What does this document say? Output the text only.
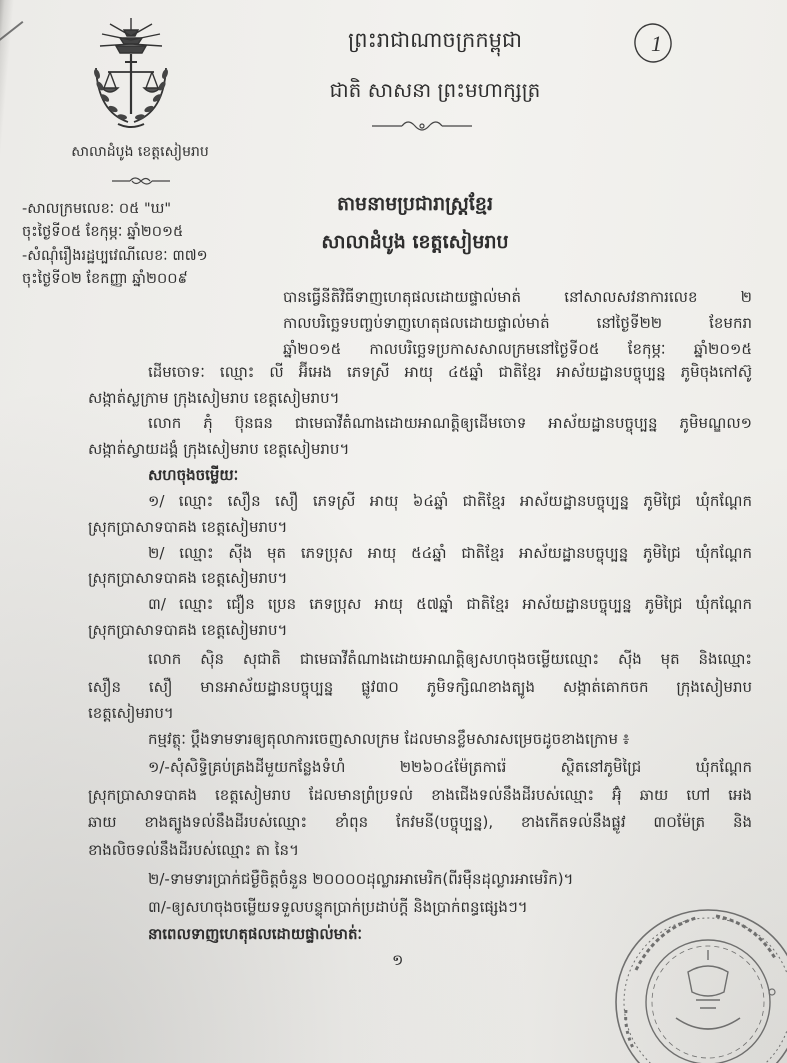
1
សាលាដំបូង ខេត្តសៀមរាប
-សាលក្រមលេខៈ ០៥ "ឃ"
ចុះថ្ងៃទី០៥ ខែកុម្ភៈ ឆ្នាំ២០១៥
-សំណុំរឿងរដ្ឋប្បវេណីលេខៈ ៣៧១
ចុះថ្ងៃទី០២ ខែកញ្ញា ឆ្នាំ២០០៩
ព្រះរាជាណាចក្រកម្ពុជា
ជាតិ សាសនា ព្រះមហាក្សត្រ
តាមនាមប្រជារាស្ត្រខ្មែរ
សាលាដំបូង ខេត្តសៀមរាប
បានធ្វើនីតិវិធីទាញហេតុផលដោយផ្ទាល់មាត់ នៅសាលសវនាការលេខ ២
កាលបរិច្ឆេទបញ្ចប់ទាញហេតុផលដោយផ្ទាល់មាត់ នៅថ្ងៃទី២២ ខែមករា
ឆ្នាំ២០១៥ កាលបរិច្ឆេទប្រកាសសាលក្រមនៅថ្ងៃទី០៥ ខែកុម្ភៈ ឆ្នាំ២០១៥
ដើមចោទៈ ឈ្មោះ លី អ៊ីអេង ភេទស្រី អាយុ ៤៥ឆ្នាំ ជាតិខ្មែរ អាស័យដ្ឋានបច្ចុប្បន្ន ភូមិចុងកៅស៊ូ
សង្កាត់ស្លក្រាម ក្រុងសៀមរាប ខេត្តសៀមរាប។
លោក ភុំ ប៊ុនធន ជាមេធាវីតំណាងដោយអាណត្តិឲ្យដើមចោទ អាស័យដ្ឋានបច្ចុប្បន្ន ភូមិមណ្ឌល១
សង្កាត់ស្វាយដង្គំ ក្រុងសៀមរាប ខេត្តសៀមរាប។
សហចុងចម្លើយៈ
១/ ឈ្មោះ សឿន សឿ ភេទស្រី អាយុ ៦៤ឆ្នាំ ជាតិខ្មែរ អាស័យដ្ឋានបច្ចុប្បន្ន ភូមិជ្រៃ ឃុំកណ្តែក
ស្រុកប្រាសាទបាគង ខេត្តសៀមរាប។
២/ ឈ្មោះ ស៊ីង មុត ភេទប្រុស អាយុ ៥៤ឆ្នាំ ជាតិខ្មែរ អាស័យដ្ឋានបច្ចុប្បន្ន ភូមិជ្រៃ ឃុំកណ្តែក
ស្រុកប្រាសាទបាគង ខេត្តសៀមរាប។
៣/ ឈ្មោះ ជឿន ប្រេន ភេទប្រុស អាយុ ៥៧ឆ្នាំ ជាតិខ្មែរ អាស័យដ្ឋានបច្ចុប្បន្ន ភូមិជ្រៃ ឃុំកណ្តែក
ស្រុកប្រាសាទបាគង ខេត្តសៀមរាប។
លោក ស៊ិន សុជាតិ ជាមេធាវីតំណាងដោយអាណត្តិឲ្យសហចុងចម្លើយឈ្មោះ ស៊ីង មុត និងឈ្មោះ
សឿន សឿ មានអាស័យដ្ឋានបច្ចុប្បន្ន ផ្លូវ៣០ ភូមិទក្សិណខាងត្បូង សង្កាត់គោកចក ក្រុងសៀមរាប
ខេត្តសៀមរាប។
កម្មវត្ថុៈ ប្តឹងទាមទារឲ្យតុលាការចេញសាលក្រម ដែលមានខ្លឹមសារសម្រេចដូចខាងក្រោម ៖
១/-សុំសិទ្ធិគ្រប់គ្រងដីមួយកន្លែងទំហំ ២២៦០៤ម៉ែត្រការ៉េ ស្ថិតនៅភូមិជ្រៃ ឃុំកណ្តែក
ស្រុកប្រាសាទបាគង ខេត្តសៀមរាប ដែលមានព្រំប្រទល់ ខាងជើងទល់នឹងដីរបស់ឈ្មោះ អ៊ុំ ឆាយ ហៅ អេង
ឆាយ ខាងត្បូងទល់នឹងដីរបស់ឈ្មោះ ខាំពុន កែវមនី(បច្ចុប្បន្ន), ខាងកើតទល់នឹងផ្លូវ ៣០ម៉ែត្រ និង
ខាងលិចទល់នឹងដីរបស់ឈ្មោះ តា នៃ។
២/-ទាមទារប្រាក់ជម្ងឺចិត្តចំនួន ២០០០០ដុល្លារអាមេរិក(ពីរម៉ឺនដុល្លារអាមេរិក)។
៣/-ឲ្យសហចុងចម្លើយទទួលបន្ទុកប្រាក់ប្រដាប់ក្តី និងប្រាក់ពន្ធផ្សេងៗ។
នាពេលទាញហេតុផលដោយផ្ទាល់មាត់ៈ
១
